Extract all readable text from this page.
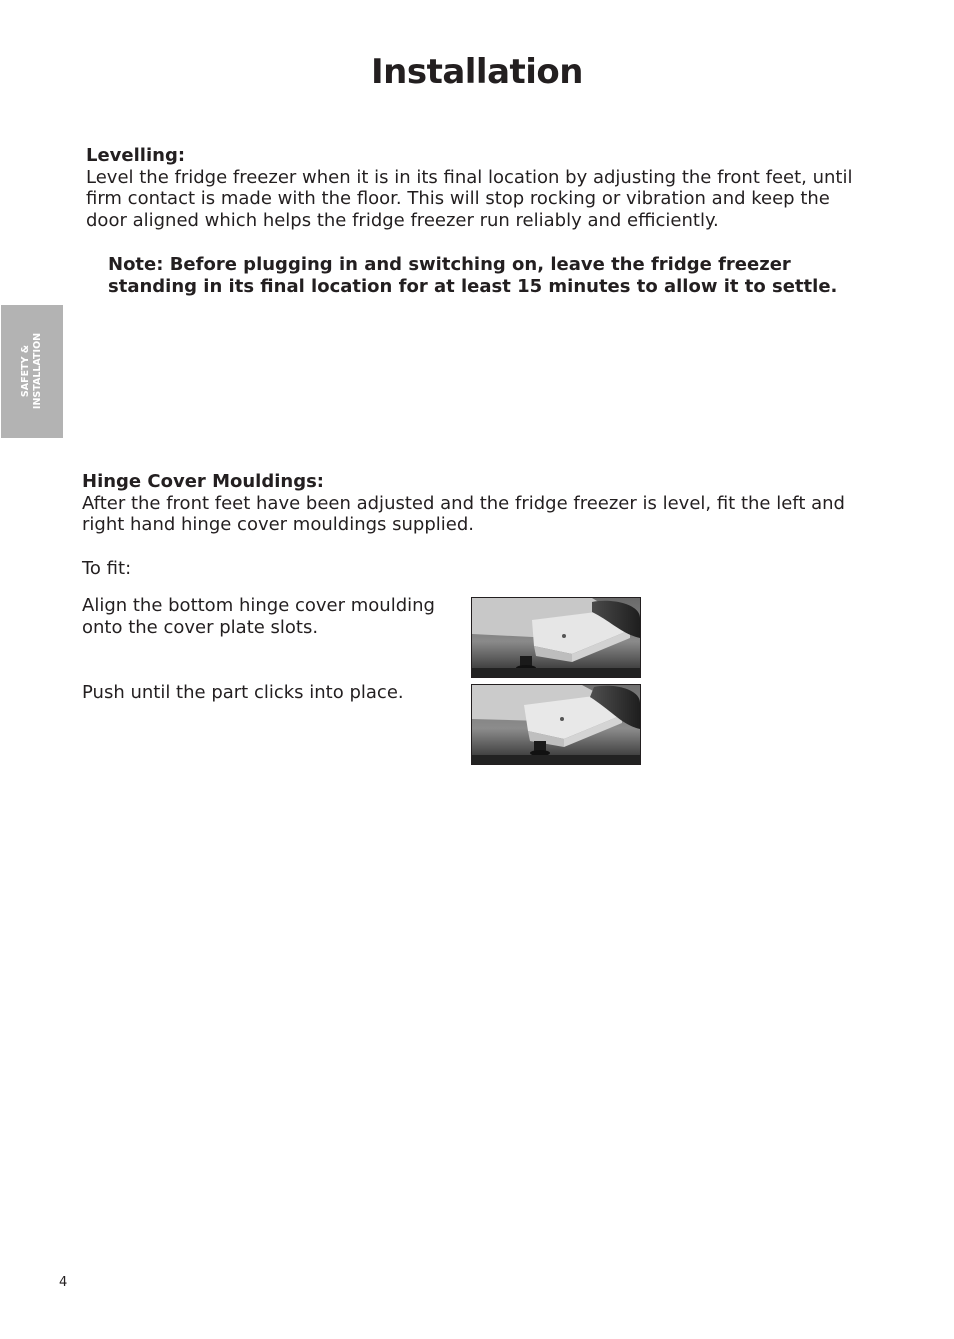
Installation
SAFETY & INSTALLATION
Levelling:
Level the fridge freezer when it is in its final location by adjusting the front feet, until firm contact is made with the floor. This will stop rocking or vibration and keep the door aligned which helps the fridge freezer run reliably and efficiently.
Note: Before plugging in and switching on, leave the fridge freezer standing in its final location for at least 15 minutes to allow it to settle.
Hinge Cover Mouldings:
After the front feet have been adjusted and the fridge freezer is level, fit the left and right hand hinge cover mouldings supplied.
To fit:
Align the bottom hinge cover moulding onto the cover plate slots.
Push until the part clicks into place.
4
